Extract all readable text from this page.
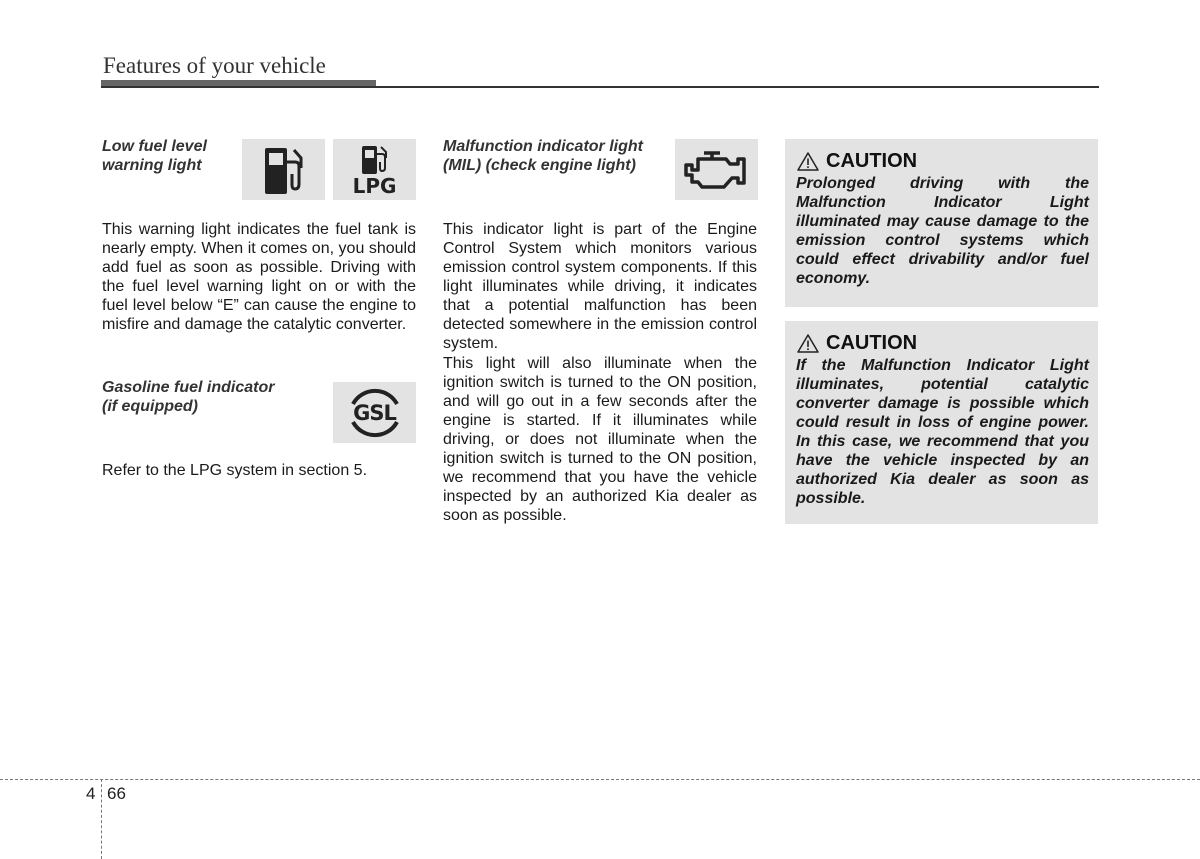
Features of your vehicle
Low fuel level
warning light
LPG
This warning light indicates the fuel tank is nearly empty. When it comes on, you should add fuel as soon as possible. Driving with the fuel level warning light on or with the fuel level below “E” can cause the engine to misfire and damage the catalytic converter.
Gasoline fuel indicator
(if equipped)	GSL
Refer to the LPG system in section 5.
Malfunction indicator light
(MIL) (check engine light)
This indicator light is part of the Engine Control System which monitors various emission control system components. If this light illuminates while driving, it indicates that a potential malfunction has been detected somewhere in the emission control system.
This light will also illuminate when the ignition switch is turned to the ON position, and will go out in a few seconds after the engine is started. If it illuminates while driving, or does not illuminate when the ignition switch is turned to the ON position, we recommend that you have the vehicle inspected by an authorized Kia dealer as soon as possible.
CAUTION
Prolonged driving with the Malfunction Indicator Light illuminated may cause damage to the emission control systems which could effect drivability and/or fuel economy.
CAUTION
If the Malfunction Indicator Light illuminates, potential catalytic converter damage is possible which could result in loss of engine power. In this case, we recommend that you have the vehicle inspected by an authorized Kia dealer as soon as possible.
4 66
